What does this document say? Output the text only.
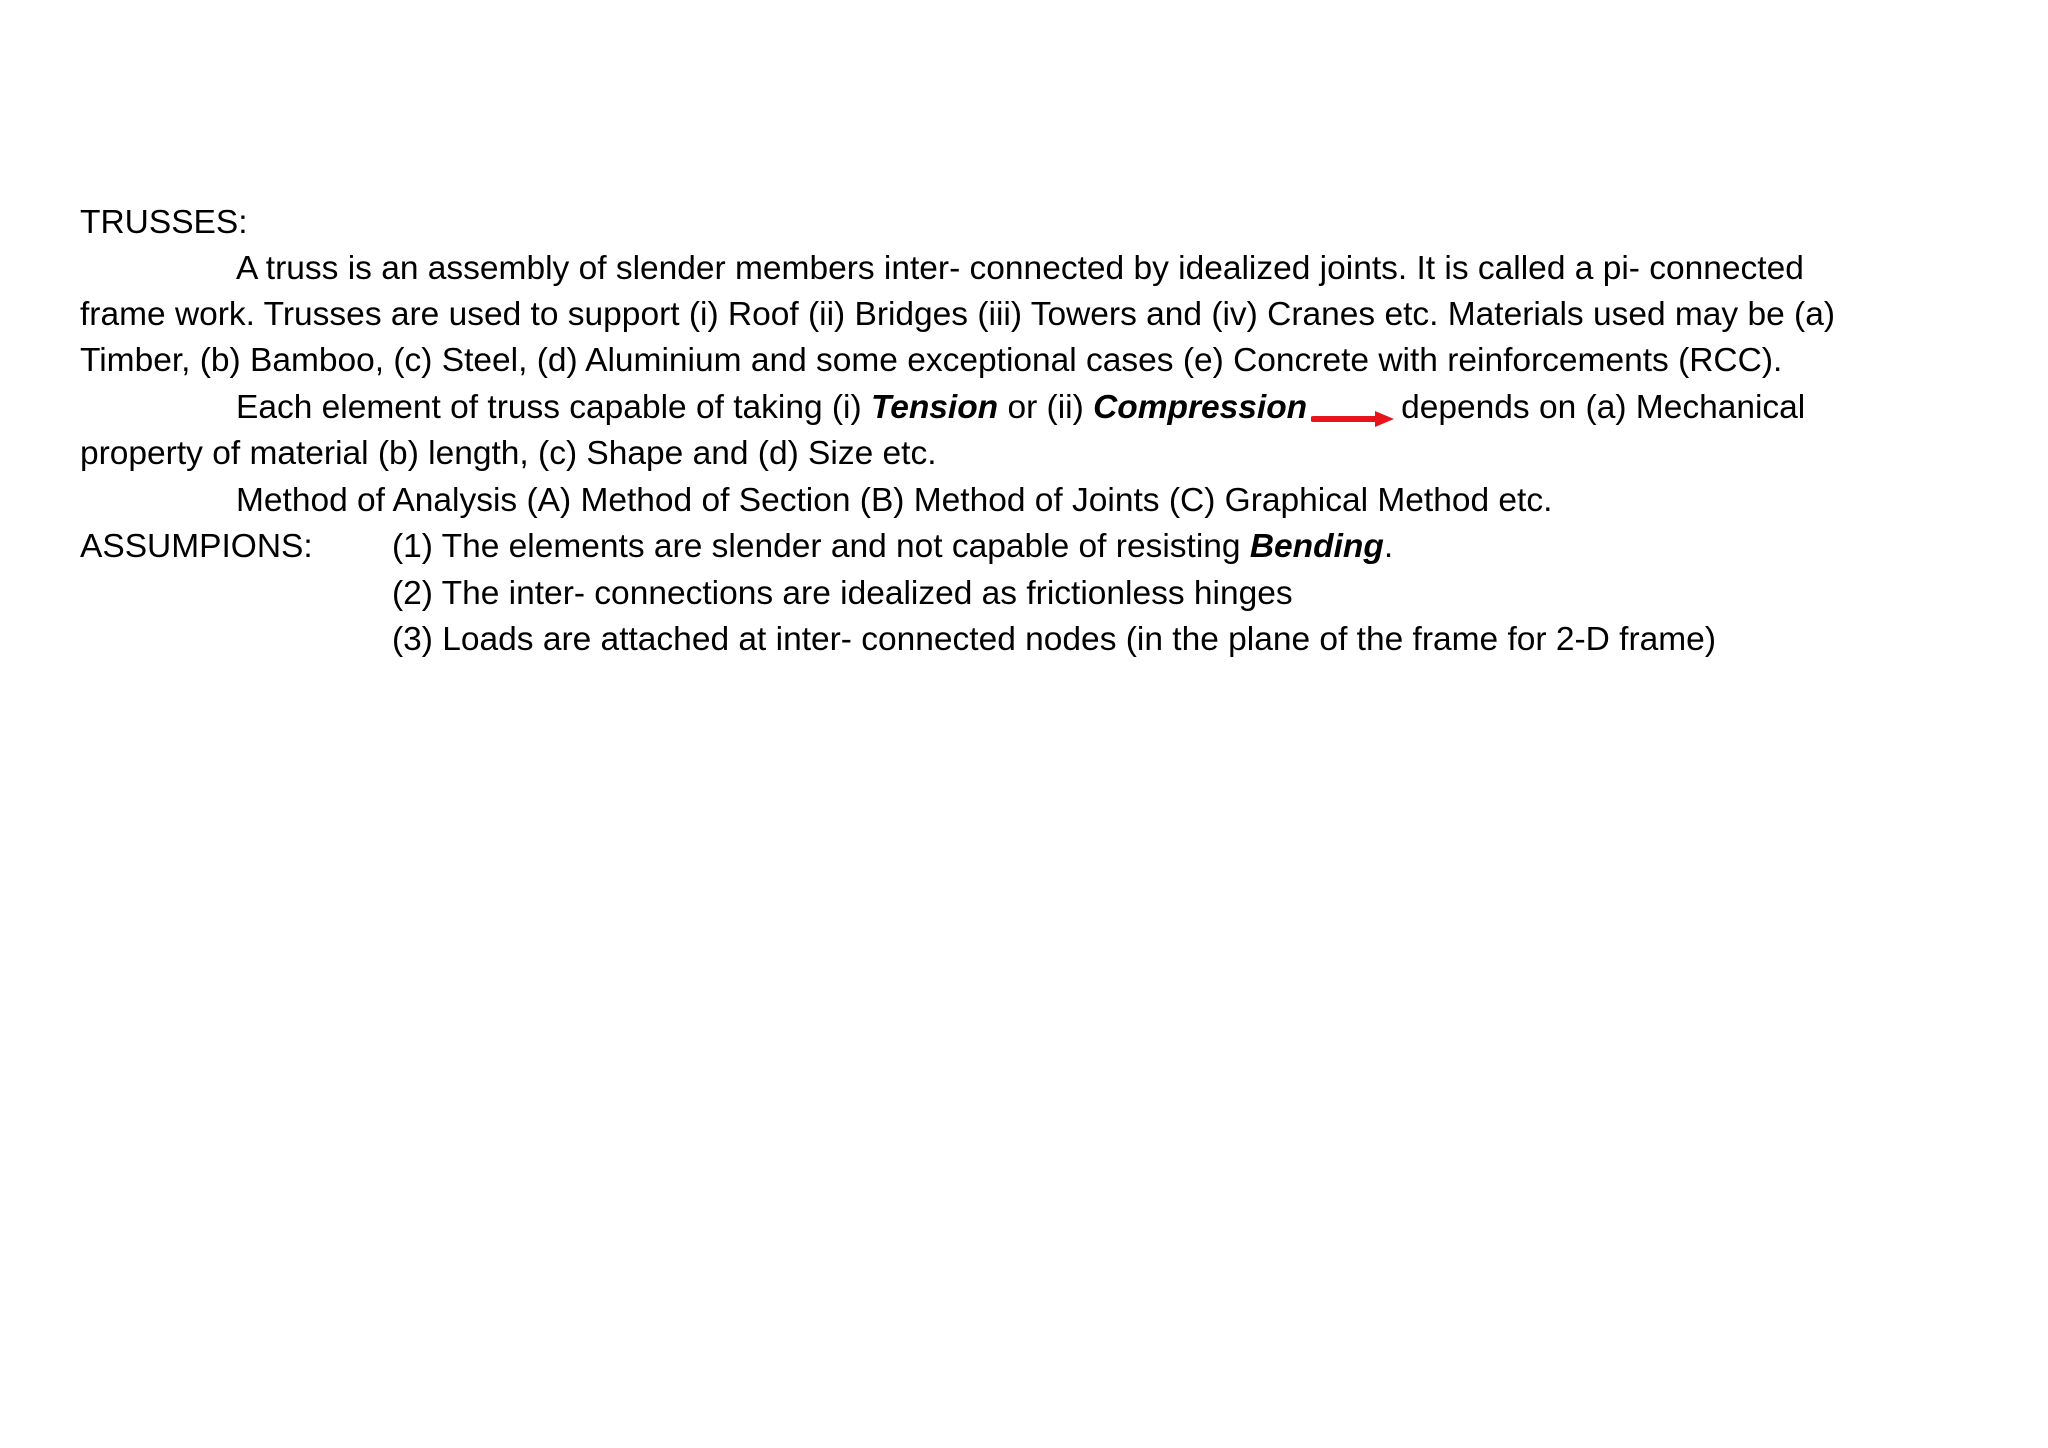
TRUSSES:
A truss is an assembly of slender members inter- connected by idealized joints. It is called a pi- connected
frame work. Trusses are used to support (i) Roof (ii) Bridges (iii) Towers and (iv) Cranes etc. Materials used may be (a)
Timber, (b) Bamboo, (c) Steel, (d) Aluminium and some exceptional cases (e) Concrete with reinforcements (RCC).
Each element of truss capable of taking (i) Tension or (ii) Compression	depends on (a) Mechanical
property of material (b) length, (c) Shape and (d) Size etc.
Method of Analysis (A) Method of Section (B) Method of Joints (C) Graphical Method etc.
ASSUMPIONS: (1) The elements are slender and not capable of resisting Bending.
(2) The inter- connections are idealized as frictionless hinges
(3) Loads are attached at inter- connected nodes (in the plane of the frame for 2-D frame)
